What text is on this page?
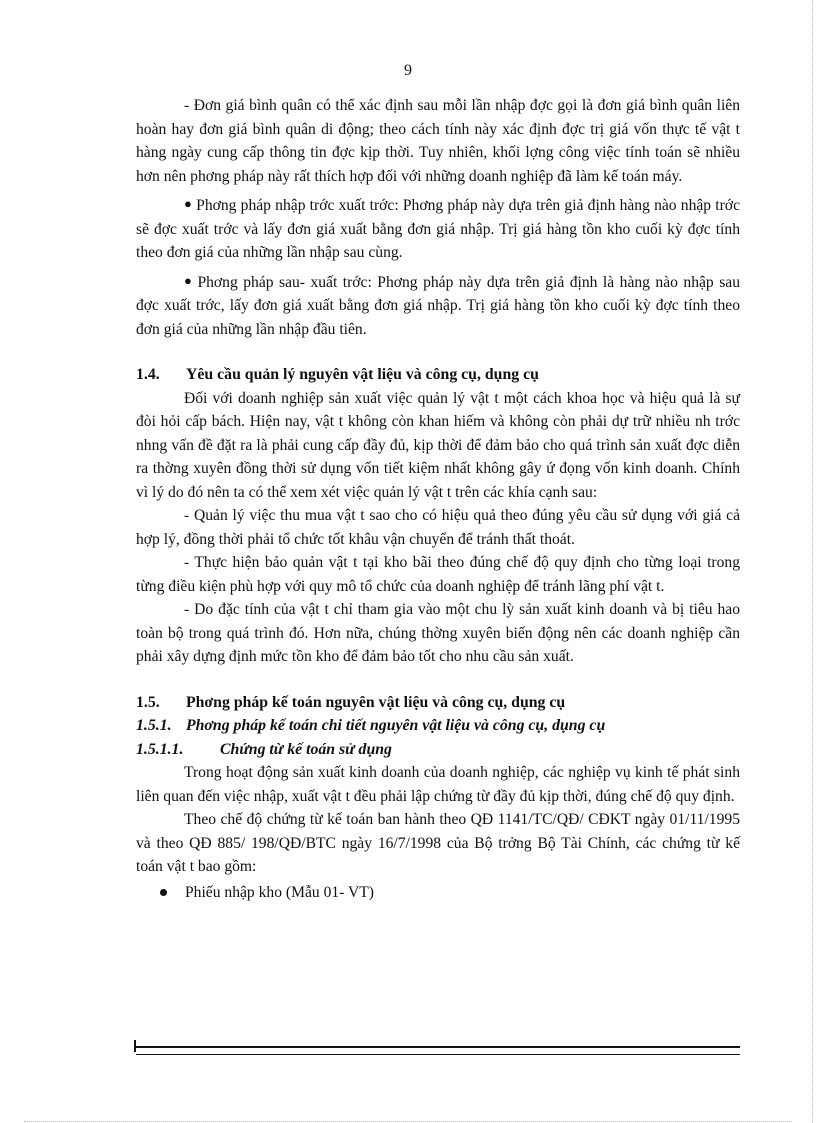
9

- Đơn giá bình quân có thể xác định sau mỗi lần nhập đợc gọi là đơn giá bình quân liên hoàn hay đơn giá bình quân di động; theo cách tính này xác định đợc trị giá vốn thực tế vật t hàng ngày cung cấp thông tin đợc kịp thời. Tuy nhiên, khối lợng công việc tính toán sẽ nhiều hơn nên phơng pháp này rất thích hợp đối với những doanh nghiệp đã làm kế toán máy.

● Phơng pháp nhập trớc xuất trớc: Phơng pháp này dựa trên giả định hàng nào nhập trớc sẽ đợc xuất trớc và lấy đơn giá xuất bằng đơn giá nhập. Trị giá hàng tồn kho cuối kỳ đợc tính theo đơn giá của những lần nhập sau cùng.

● Phơng pháp sau- xuất trớc: Phơng pháp này dựa trên giả định là hàng nào nhập sau đợc xuất trớc, lấy đơn giá xuất bằng đơn giá nhập. Trị giá hàng tồn kho cuối kỳ đợc tính theo đơn giá của những lần nhập đầu tiên.

1.4.	Yêu cầu quản lý nguyên vật liệu và công cụ, dụng cụ

Đối với doanh nghiệp sản xuất việc quản lý vật t một cách khoa học và hiệu quả là sự đòi hỏi cấp bách. Hiện nay, vật t không còn khan hiếm và không còn phải dự trữ nhiều nh trớc nhng vấn đề đặt ra là phải cung cấp đầy đủ, kịp thời để đảm bảo cho quá trình sản xuất đợc diễn ra thờng xuyên đồng thời sử dụng vốn tiết kiệm nhất không gây ứ đọng vốn kinh doanh. Chính vì lý do đó nên ta có thể xem xét việc quản lý vật t trên các khía cạnh sau:

- Quản lý việc thu mua vật t sao cho có hiệu quả theo đúng yêu cầu sử dụng với giá cả hợp lý, đồng thời phải tổ chức tốt khâu vận chuyển để tránh thất thoát.

- Thực hiện bảo quản vật t tại kho bãi theo đúng chế độ quy định cho từng loại trong từng điều kiện phù hợp với quy mô tổ chức của doanh nghiệp để tránh lãng phí vật t.

- Do đặc tính của vật t chỉ tham gia vào một chu lỳ sản xuất kinh doanh và bị tiêu hao toàn bộ trong quá trình đó. Hơn nữa, chúng thờng xuyên biến động nên các doanh nghiệp cần phải xây dựng định mức tồn kho để đảm bảo tốt cho nhu cầu sản xuất.

1.5.	Phơng pháp kế toán nguyên vật liệu và công cụ, dụng cụ
1.5.1. Phơng pháp kế toán chi tiết nguyên vật liệu và công cụ, dụng cụ
1.5.1.1.	Chứng từ kế toán sử dụng

Trong hoạt động sản xuất kinh doanh của doanh nghiệp, các nghiệp vụ kinh tế phát sinh liên quan đến việc nhập, xuất vật t đều phải lập chứng từ đầy đủ kịp thời, đúng chế độ quy định.

Theo chế độ chứng từ kế toán ban hành theo QĐ 1141/TC/QĐ/ CĐKT ngày 01/11/1995 và theo QĐ 885/ 198/QĐ/BTC ngày 16/7/1998 của Bộ trởng Bộ Tài Chính, các chứng từ kế toán vật t bao gồm:

Phiếu nhập kho (Mẫu 01- VT)
